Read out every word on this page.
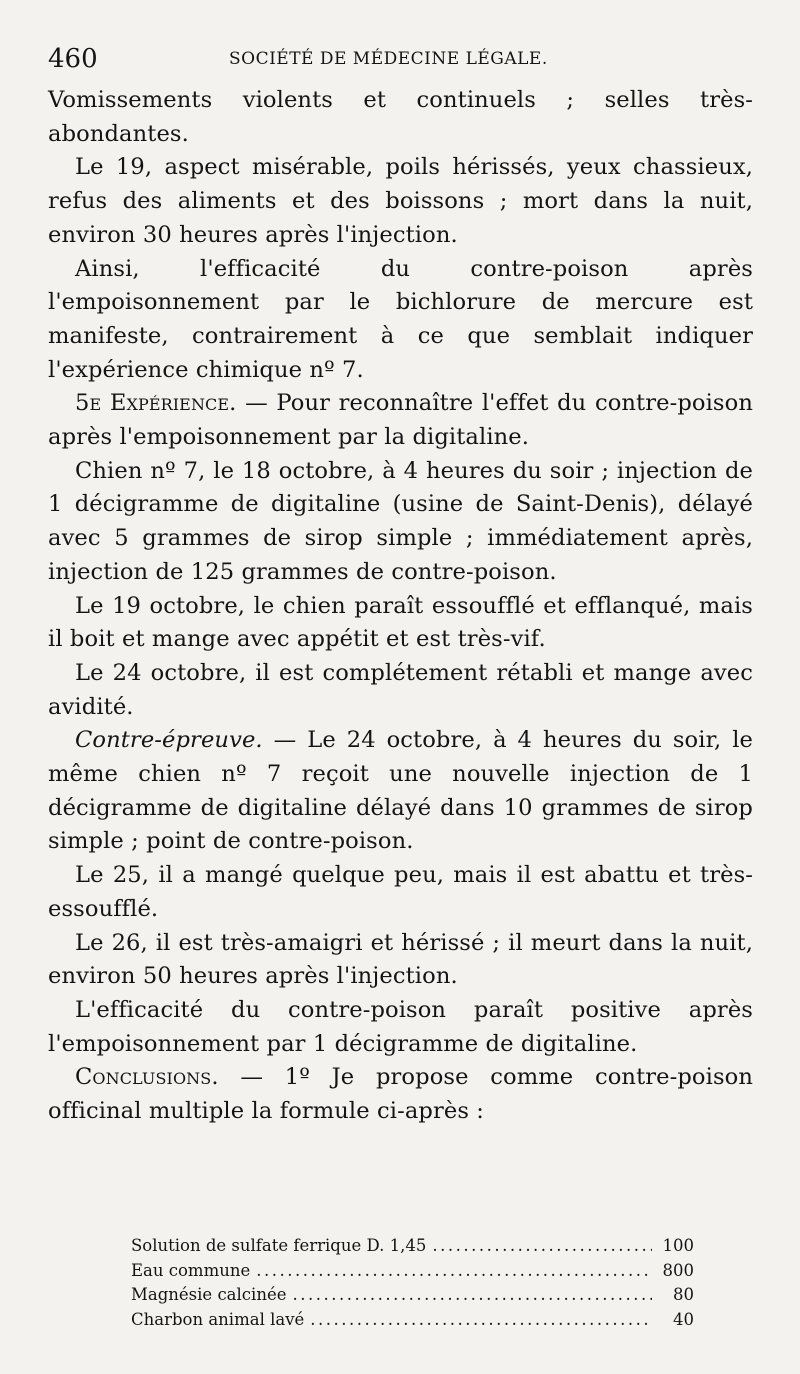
460	SOCIÉTÉ DE MÉDECINE LÉGALE.

Vomissements violents et continuels ; selles très-abondantes.

Le 19, aspect misérable, poils hérissés, yeux chassieux, refus des aliments et des boissons ; mort dans la nuit, environ 30 heures après l'injection.

Ainsi, l'efficacité du contre-poison après l'empoisonnement par le bichlorure de mercure est manifeste, contrairement à ce que semblait indiquer l'expérience chimique nº 7.

5e Expérience. — Pour reconnaître l'effet du contre-poison après l'empoisonnement par la digitaline.

Chien nº 7, le 18 octobre, à 4 heures du soir ; injection de 1 décigramme de digitaline (usine de Saint-Denis), délayé avec 5 grammes de sirop simple ; immédiatement après, injection de 125 grammes de contre-poison.

Le 19 octobre, le chien paraît essoufflé et efflanqué, mais il boit et mange avec appétit et est très-vif.

Le 24 octobre, il est complétement rétabli et mange avec avidité.

Contre-épreuve. — Le 24 octobre, à 4 heures du soir, le même chien nº 7 reçoit une nouvelle injection de 1 décigramme de digitaline délayé dans 10 grammes de sirop simple ; point de contre-poison.

Le 25, il a mangé quelque peu, mais il est abattu et très-essoufflé.

Le 26, il est très-amaigri et hérissé ; il meurt dans la nuit, environ 50 heures après l'injection.

L'efficacité du contre-poison paraît positive après l'empoisonnement par 1 décigramme de digitaline.

Conclusions. — 1º Je propose comme contre-poison officinal multiple la formule ci-après :

Solution de sulfate ferrique D. 1,45 .....	100
Eau commune .....	800
Magnésie calcinée .....	80
Charbon animal lavé .....	40
